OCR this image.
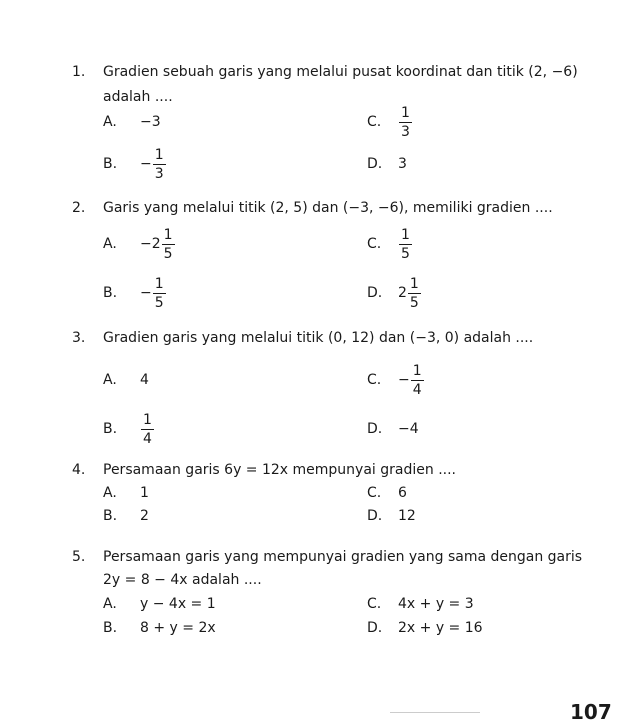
1. Gradien sebuah garis yang melalui pusat koordinat dan titik (2, −6)
adalah ....
A. −3	C. $\frac{1}{3}$
B. − $\frac{1}{3}$	D. 3
2. Garis yang melalui titik (2, 5) dan (−3, −6), memiliki gradien ....
A. $-2 \frac{1}{5}$	C. $\frac{1}{5}$
B. − $\frac{1}{5}$	D. $2 \frac{1}{5}$
3. Gradien garis yang melalui titik (0, 12) dan (−3, 0) adalah ....
A. 4	C. − $\frac{1}{4}$
B. $\frac{1}{4}$	D. −4
4. Persamaan garis 6y = 12x mempunyai gradien ....
A. 1	C. 6
B. 2	D. 12
5. Persamaan garis yang mempunyai gradien yang sama dengan garis
2y = 8 − 4x adalah ....
A. y − 4x = 1	C. 4x + y = 3
B. 8 + y = 2x	D. 2x + y = 16
107
